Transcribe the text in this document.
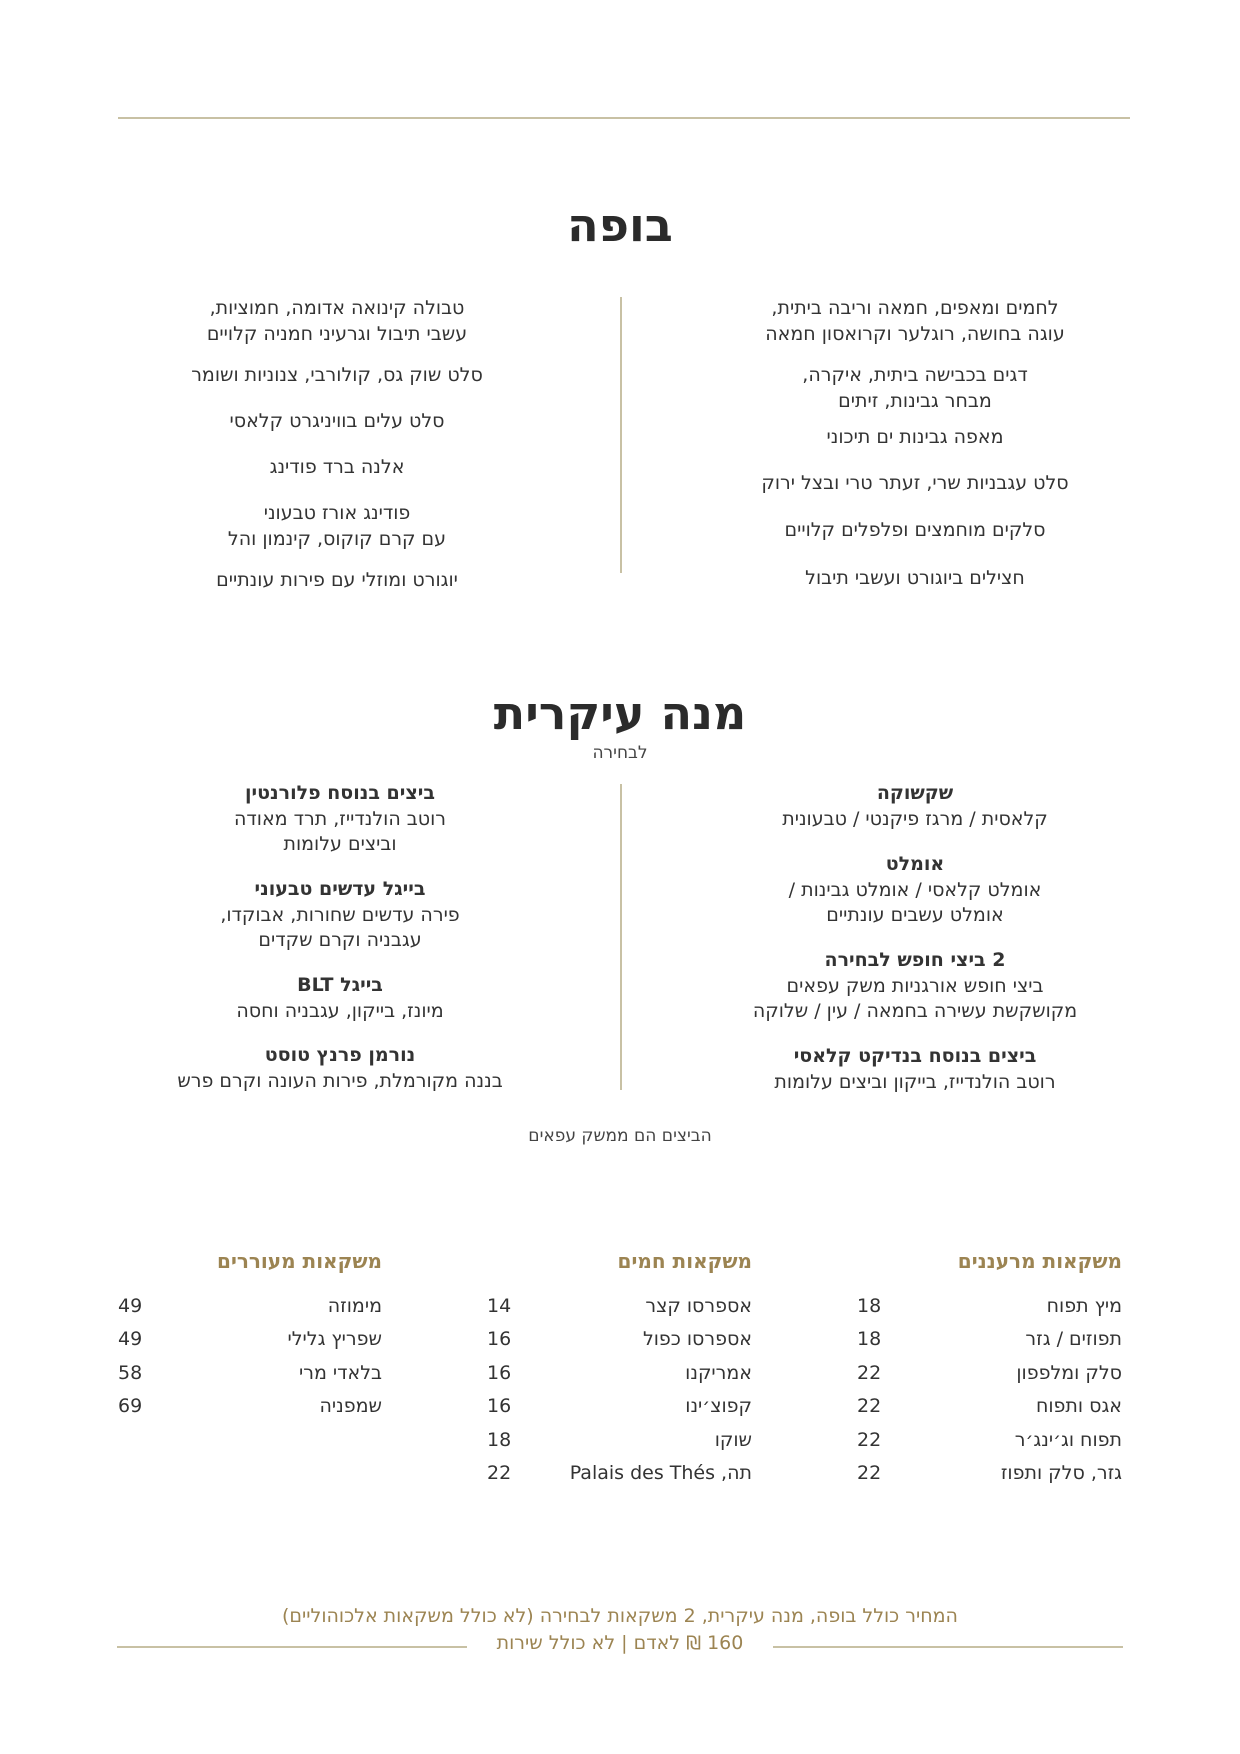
בופה

לחמים ומאפים, חמאה וריבה ביתית,
עוגה בחושה, רוגלער וקרואסון חמאה

דגים בכבישה ביתית, איקרה,
מבחר גבינות, זיתים

מאפה גבינות ים תיכוני

סלט עגבניות שרי, זעתר טרי ובצל ירוק

סלקים מוחמצים ופלפלים קלויים

חצילים ביוגורט ועשבי תיבול

טבולה קינואה אדומה, חמוציות,
עשבי תיבול וגרעיני חמניה קלויים

סלט שוק גס, קולורבי, צנוניות ושומר

סלט עלים בוויניגרט קלאסי

אלנה ברד פודינג

פודינג אורז טבעוני
עם קרם קוקוס, קינמון והל

יוגורט ומוזלי עם פירות עונתיים

מנה עיקרית
לבחירה
שקשוקה
קלאסית / מרגז פיקנטי / טבעונית
אומלט
אומלט קלאסי / אומלט גבינות /
אומלט עשבים עונתיים
2 ביצי חופש לבחירה
ביצי חופש אורגניות משק עפאים
מקושקשת עשירה בחמאה / עין / שלוקה
ביצים בנוסח בנדיקט קלאסי
רוטב הולנדייז, בייקון וביצים עלומות
ביצים בנוסח פלורנטין
רוטב הולנדייז, תרד מאודה
וביצים עלומות
בייגל עדשים טבעוני
פירה עדשים שחורות, אבוקדו,
עגבניה וקרם שקדים
בייגל BLT
מיונז, בייקון, עגבניה וחסה
נורמן פרנץ טוסט
בננה מקורמלת, פירות העונה וקרם פרש
הביצים הם ממשק עפאים
משקאות מרעננים
מיץ תפוח
18
תפוזים / גזר
18
סלק ומלפפון
22
אגס ותפוח
22
תפוח וג׳ינג׳ר
22
גזר, סלק ותפוז
22
משקאות חמים
אספרסו קצר
14
אספרסו כפול
16
אמריקנו
16
קפוצ׳ינו
16
שוקו
18
תה, Palais des Thés
22
משקאות מעוררים
מימוזה
49
שפריץ גלילי
49
בלאדי מרי
58
שמפניה
69
המחיר כולל בופה, מנה עיקרית, 2 משקאות לבחירה (לא כולל משקאות אלכוהוליים)
160 ₪ לאדם | לא כולל שירות
